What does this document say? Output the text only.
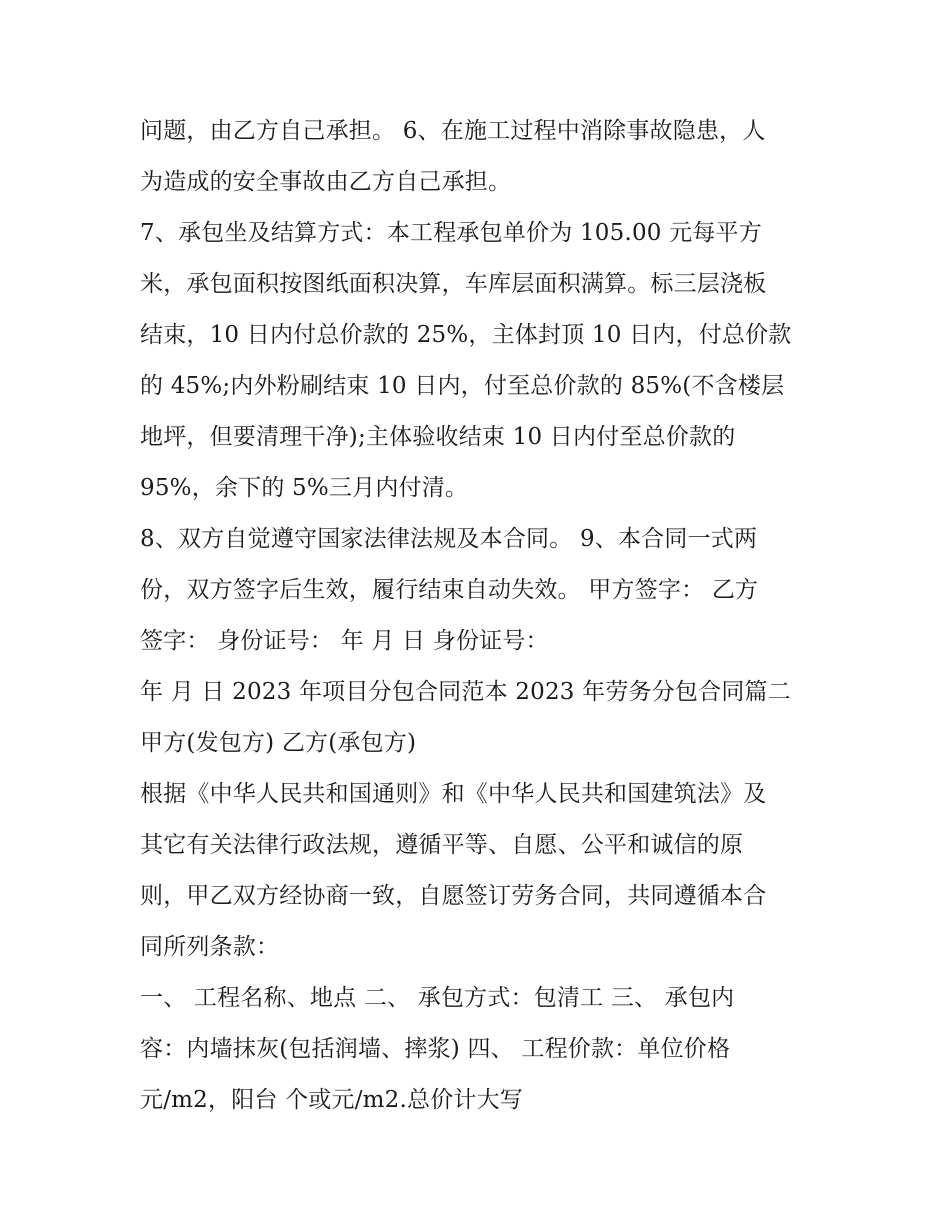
问题，由乙方自己承担。 6、在施工过程中消除事故隐患，人
为造成的安全事故由乙方自己承担。
7、承包坐及结算方式：本工程承包单价为 105.00 元每平方
米，承包面积按图纸面积决算，车库层面积满算。标三层浇板
结束，10 日内付总价款的 25%，主体封顶 10 日内，付总价款
的 45%;内外粉刷结束 10 日内，付至总价款的 85%(不含楼层
地坪，但要清理干净);主体验收结束 10 日内付至总价款的
95%，余下的 5%三月内付清。
8、双方自觉遵守国家法律法规及本合同。 9、本合同一式两
份，双方签字后生效，履行结束自动失效。 甲方签字： 乙方
签字： 身份证号： 年 月 日 身份证号：
年 月 日 2023 年项目分包合同范本 2023 年劳务分包合同篇二
甲方(发包方) 乙方(承包方)
根据《中华人民共和国通则》和《中华人民共和国建筑法》及
其它有关法律行政法规，遵循平等、自愿、公平和诚信的原
则，甲乙双方经协商一致，自愿签订劳务合同，共同遵循本合
同所列条款：
一、 工程名称、地点 二、 承包方式：包清工 三、 承包内
容：内墙抹灰(包括润墙、摔浆) 四、 工程价款：单位价格
元/m2，阳台 个或元/m2.总价计大写
